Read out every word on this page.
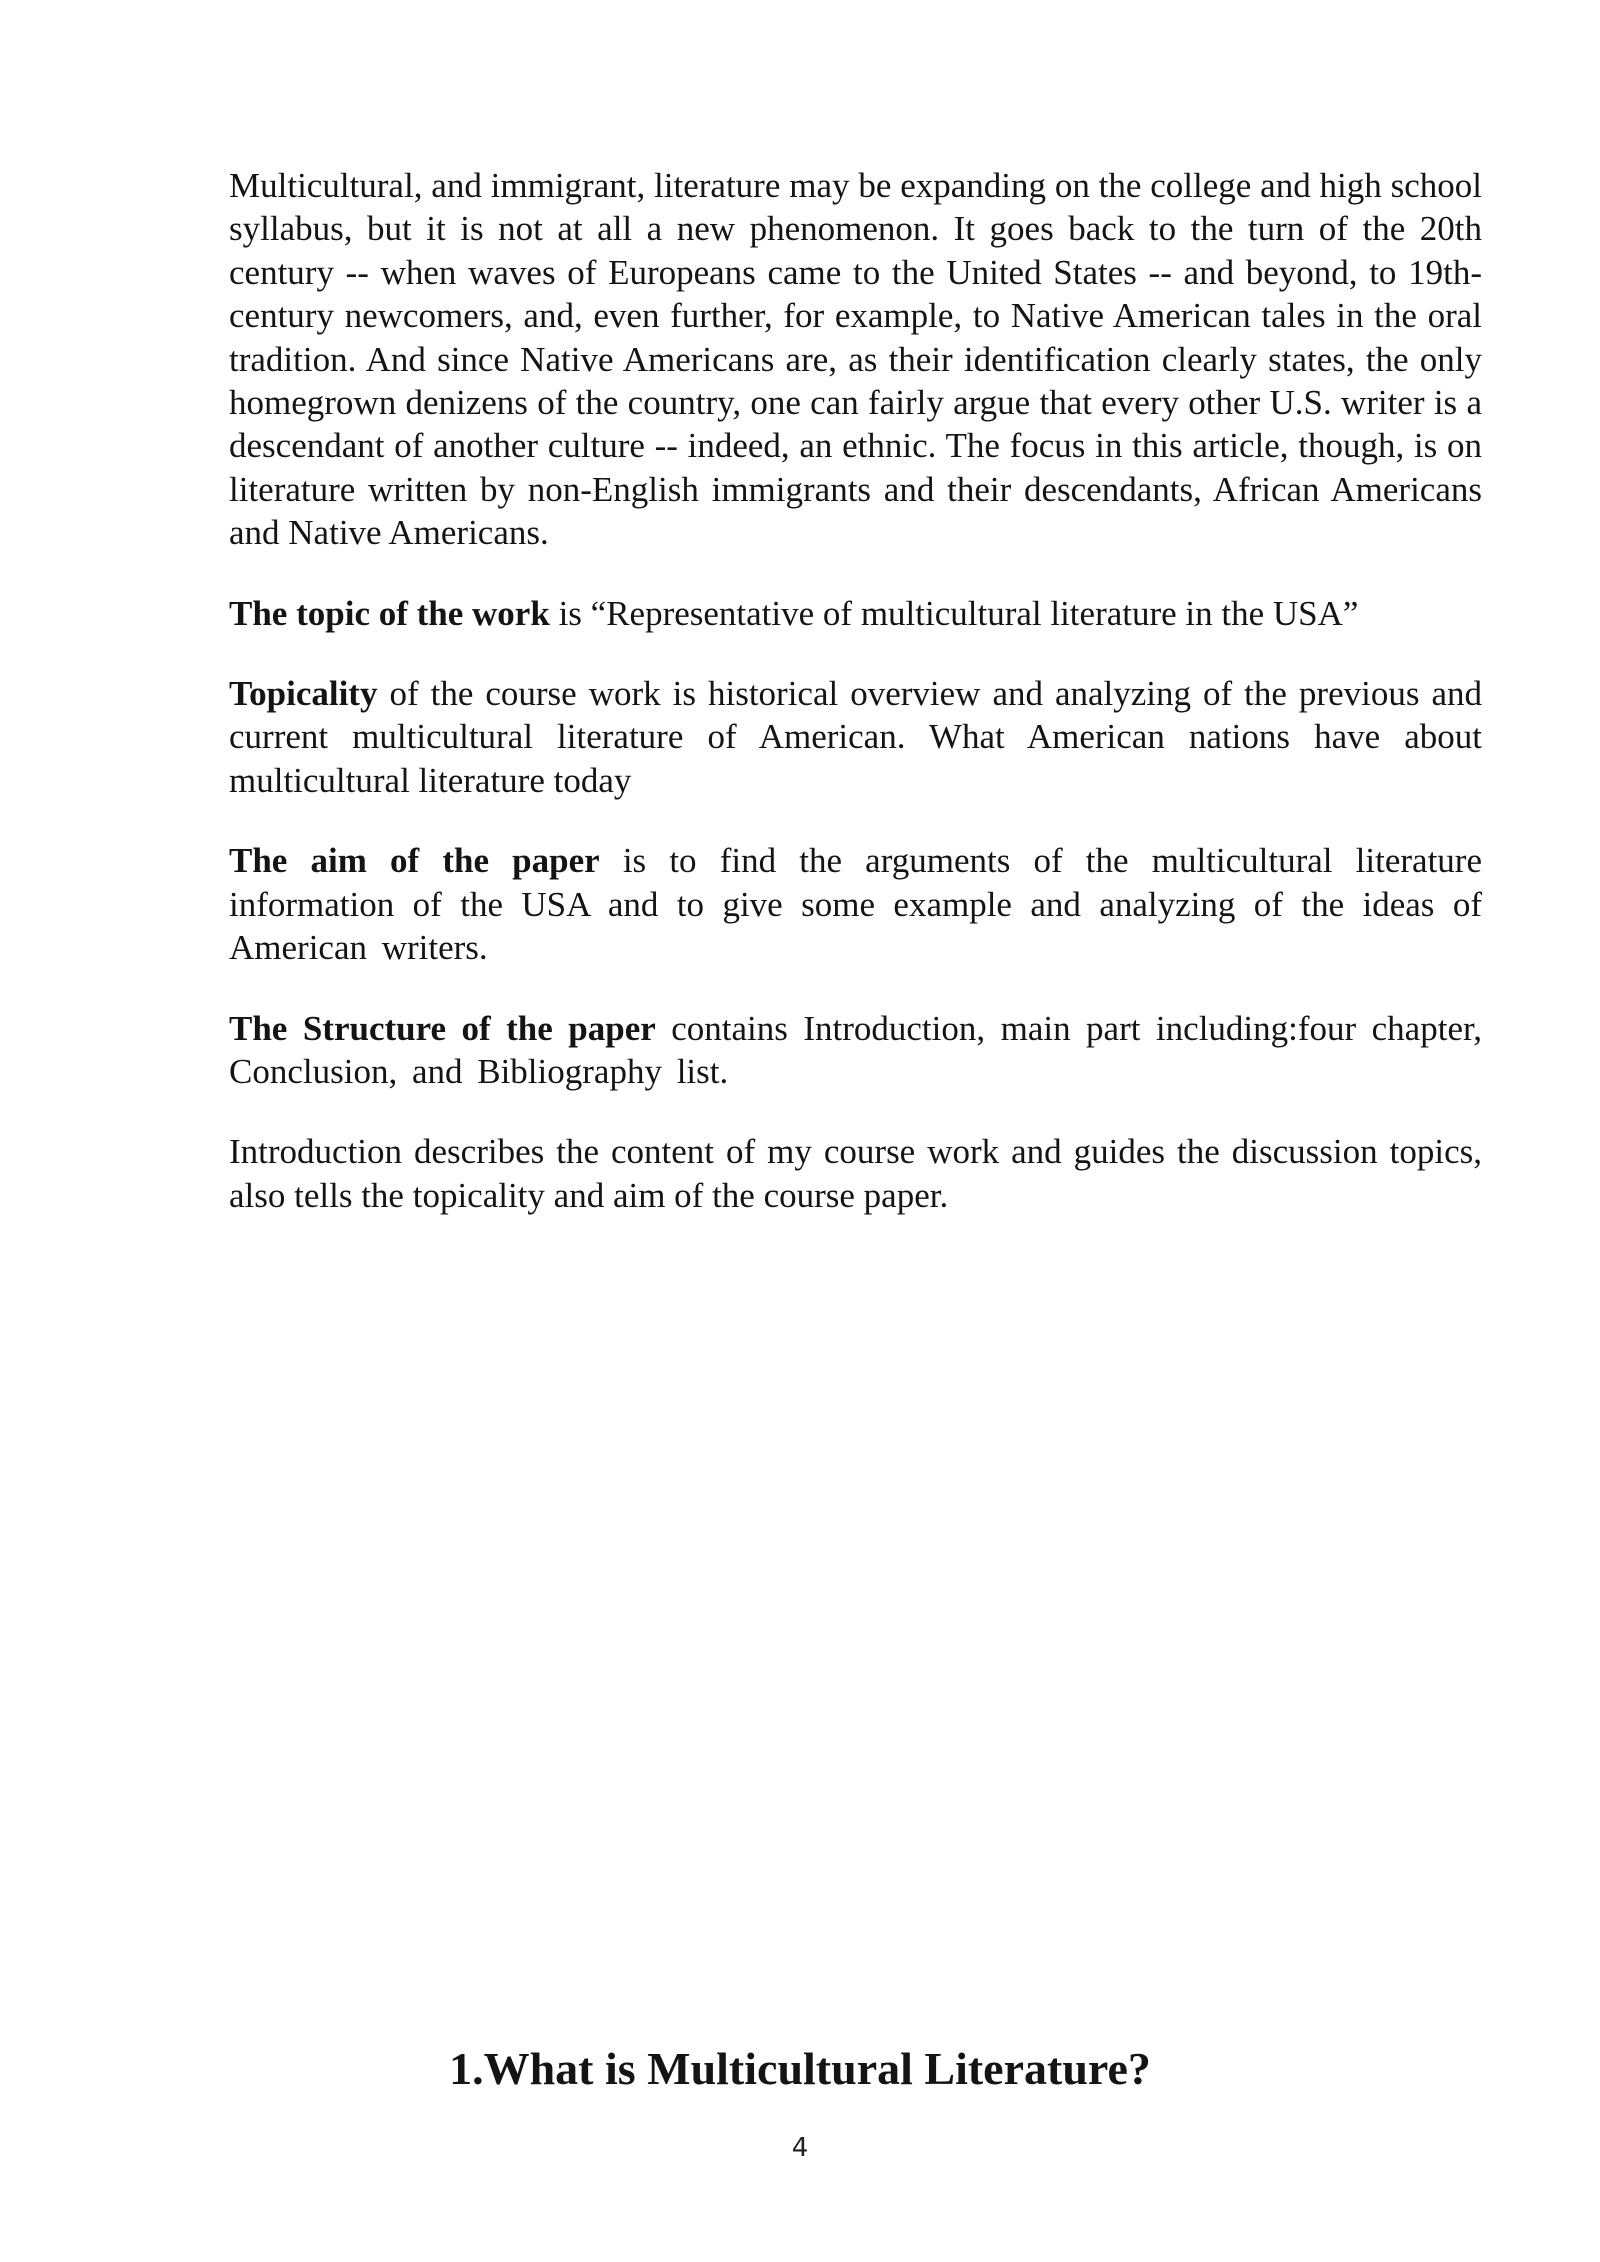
Multicultural, and immigrant, literature may be expanding on the college and high school syllabus, but it is not at all a new phenomenon. It goes back to the turn of the 20th century -- when waves of Europeans came to the United States -- and beyond, to 19th-century newcomers, and, even further, for example, to Native American tales in the oral tradition. And since Native Americans are, as their identification clearly states, the only homegrown denizens of the country, one can fairly argue that every other U.S. writer is a descendant of another culture -- indeed, an ethnic. The focus in this article, though, is on literature written by non-English immigrants and their descendants, African Americans and Native Americans.

The topic of the work is “Representative of multicultural literature in the USA”

Topicality of the course work is historical overview and analyzing of the previous and current multicultural literature of American. What American nations have about multicultural literature today

The aim of the paper is to find the arguments of the multicultural literature information of the USA and to give some example and analyzing of the ideas of American writers.

The Structure of the paper contains Introduction, main part including:four chapter, Conclusion, and Bibliography list.

Introduction describes the content of my course work and guides the discussion topics, also tells the topicality and aim of the course paper.

1.What is Multicultural Literature?
4
